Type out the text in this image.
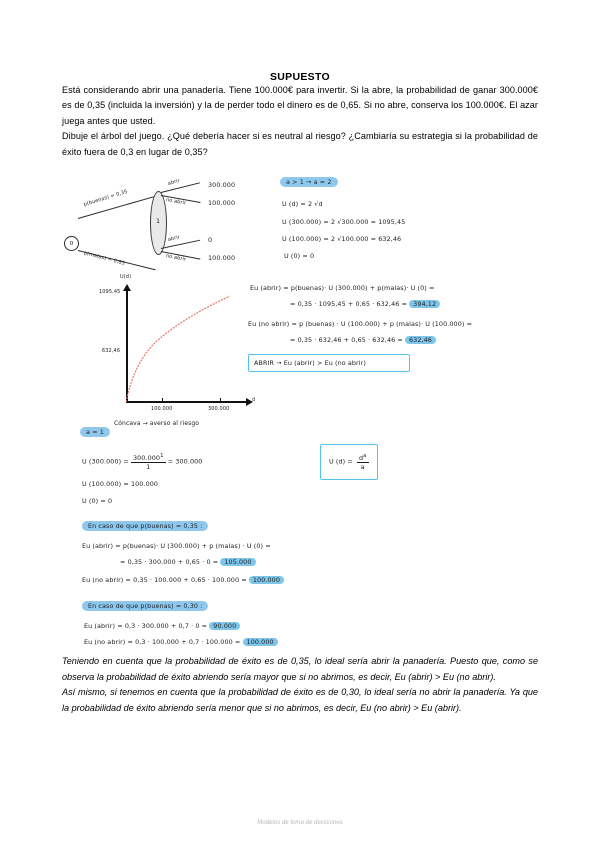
SUPUESTO

Está considerando abrir una panadería. Tiene 100.000€ para invertir. Si la abre, la probabilidad de ganar 300.000€ es de 0,35 (incluida la inversión) y la de perder todo el dinero es de 0,65. Si no abre, conserva los 100.000€. El azar juega antes que usted.

Dibuje el árbol del juego. ¿Qué debería hacer si es neutral al riesgo? ¿Cambiaría su estrategia si la probabilidad de éxito fuera de 0,3 en lugar de 0,35?

0
p(buenas) = 0,35
p(malas) = 0,65
1
abrir
no abrir
abrir
no abrir
300.000
100.000
0
100.000
a > 1 → a = 2
U (d) = 2 √d
U (300.000) = 2 √300.000 = 1095,45
U (100.000) = 2 √100.000 = 632,46
U (0) = 0
U(d)
d
1095,45
632,46
100.000	300.000
Cóncava → averso al riesgo
Eu (abrir) = p(buenas)· U (300.000) + p(malas)· U (0) =
= 0,35 · 1095,45 + 0,65 · 632,46 = 394,12
Eu (no abrir) = p (buenas) · U (100.000) + p (malas)· U (100.000) =
= 0,35 · 632,46 + 0,65 · 632,46 = 632,46
ABRIR → Eu (abrir) > Eu (no abrir)
a = 1
U $(300.000) = \frac{300.000^1}{1} = 300.000$
U (100.000) = 100.000
U (0) = 0
U $(d) = \frac{d^a}{a}$
En caso de que p(buenas) = 0,35 :
Eu (abrir) = p(buenas)· U (300.000) + p (malas) · U (0) =
= 0,35 · 300.000 + 0,65 · 0 = 105.000
Eu (no abrir) = 0,35 · 100.000 + 0,65 · 100.000 = 100.000
En caso de que p(buenas) = 0,30 :
Eu (abrir) = 0,3 · 300.000 + 0,7 · 0 = 90.000
Eu (no abrir) = 0,3 · 100.000 + 0,7 · 100.000 = 100.000

Teniendo en cuenta que la probabilidad de éxito es de 0,35, lo ideal sería abrir la panadería. Puesto que, como se observa la probabilidad de éxito abriendo sería mayor que si no abrimos, es decir, Eu (abrir) > Eu (no abrir).

Así mismo, si tenemos en cuenta que la probabilidad de éxito es de 0,30, lo ideal sería no abrir la panadería. Ya que la probabilidad de éxito abriendo sería menor que si no abrimos, es decir, Eu (no abrir) > Eu (abrir).

Modelos de toma de decisiones
